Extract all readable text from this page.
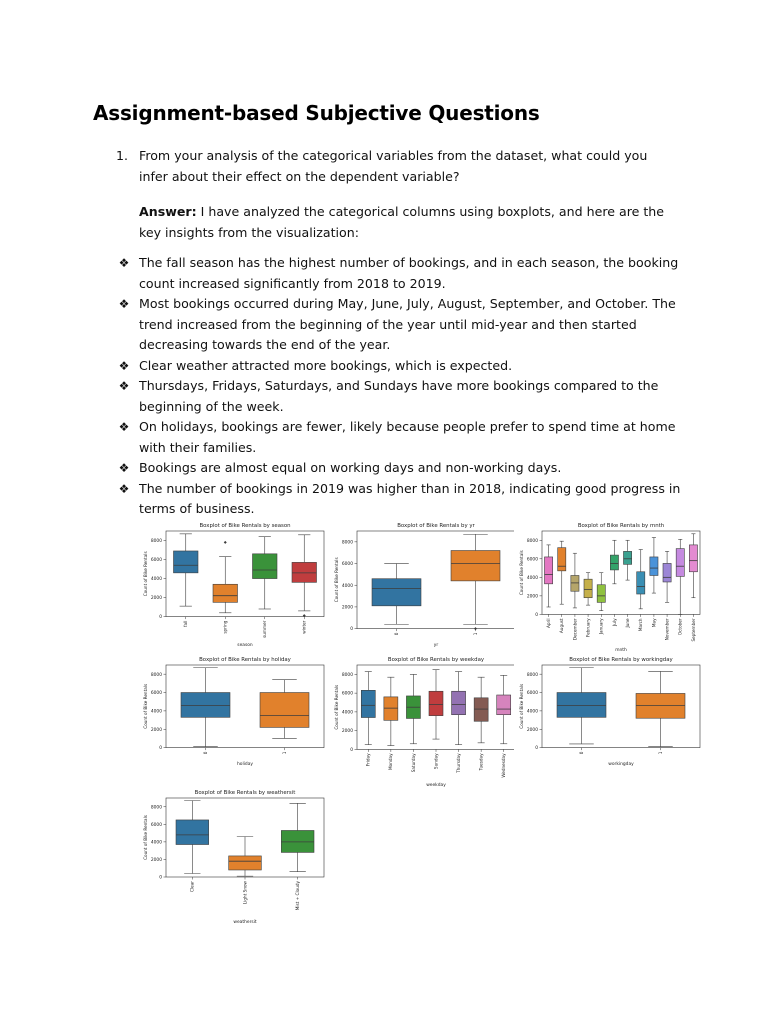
Assignment-based Subjective Questions
1. From your analysis of the categorical variables from the dataset, what could you infer about their effect on the dependent variable?

Answer: I have analyzed the categorical columns using boxplots, and here are the key insights from the visualization:

❖ The fall season has the highest number of bookings, and in each season, the booking count increased significantly from 2018 to 2019.
❖ Most bookings occurred during May, June, July, August, September, and October. The trend increased from the beginning of the year until mid-year and then started decreasing towards the end of the year.
❖ Clear weather attracted more bookings, which is expected.
❖ Thursdays, Fridays, Saturdays, and Sundays have more bookings compared to the beginning of the week.
❖ On holidays, bookings are fewer, likely because people prefer to spend time at home with their families.
❖ Bookings are almost equal on working days and non-working days.
❖ The number of bookings in 2019 was higher than in 2018, indicating good progress in terms of business.
Boxplot of Bike Rentals by season
0
2000
4000
6000
8000
Count of Bike Rentals
fall	spring	summer	winter
season
Boxplot of Bike Rentals by yr
0
2000
4000
6000
8000
Count of Bike Rentals
0	1
yr
Boxplot of Bike Rentals by mnth
0
2000
4000
6000
8000
Count of Bike Rentals
April August December February January July June March May November October September
mnth
Boxplot of Bike Rentals by holiday
0
2000
4000
6000
8000
Count of Bike Rentals
0	1
holiday
Boxplot of Bike Rentals by weekday
0
2000
4000
6000
8000
Count of Bike Rentals
Friday	Monday	Saturday	Sunday	Thursday	Tuesday	Wednesday
weekday
Boxplot of Bike Rentals by workingday
0
2000
4000
6000
8000
Count of Bike Rentals
0	1
workingday
Boxplot of Bike Rentals by weathersit
0
2000
4000
6000
8000
Count of Bike Rentals
Clear	Light Snow	Mist + Cloudy
weathersit
